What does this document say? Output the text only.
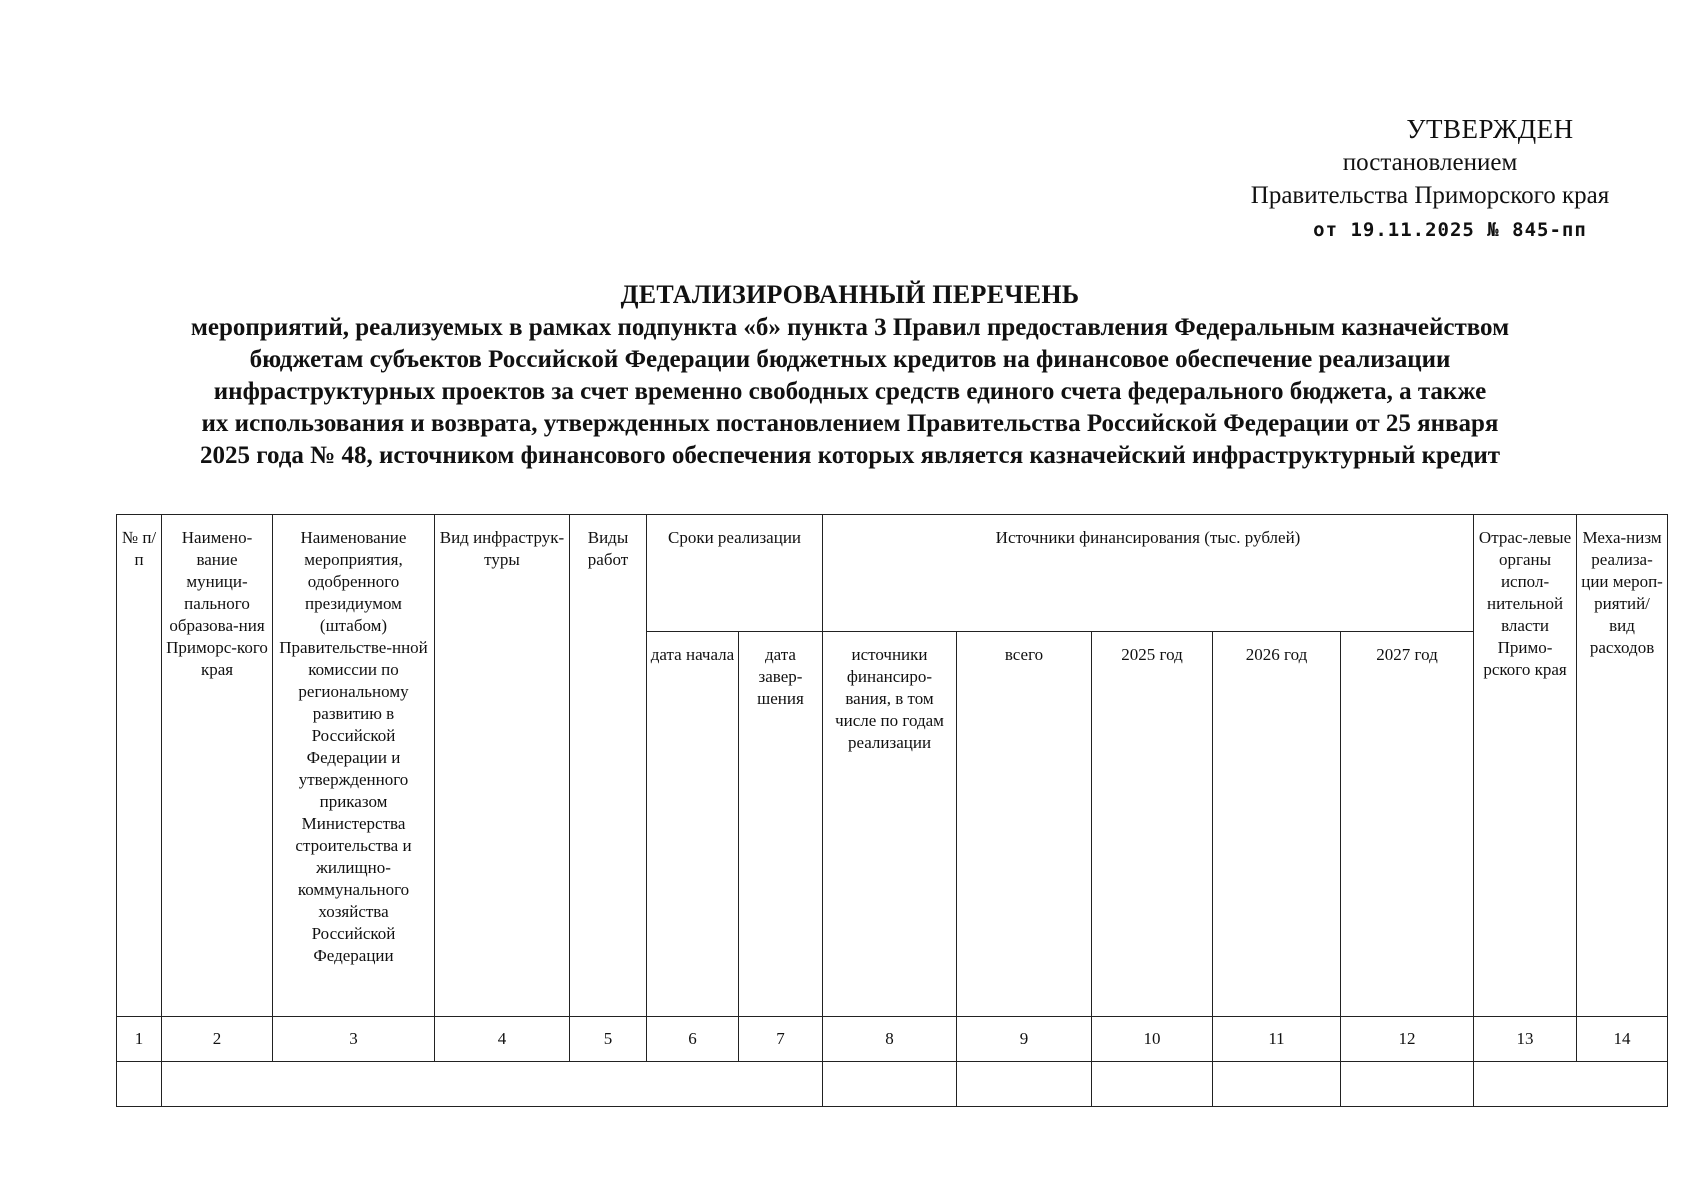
УТВЕРЖДЕН
постановлением
Правительства Приморского края
от 19.11.2025 № 845-пп
ДЕТАЛИЗИРОВАННЫЙ ПЕРЕЧЕНЬ
мероприятий, реализуемых в рамках подпункта «б» пункта 3 Правил предоставления Федеральным казначейством
бюджетам субъектов Российской Федерации бюджетных кредитов на финансовое обеспечение реализации
инфраструктурных проектов за счет временно свободных средств единого счета федерального бюджета, а также
их использования и возврата, утвержденных постановлением Правительства Российской Федерации от 25 января
2025 года № 48, источником финансового обеспечения которых является казначейский инфраструктурный кредит
№ п/п	Наимено-вание муници-пального образова-ния Приморс-кого края	Наименование мероприятия, одобренного президиумом (штабом) Правительстве-нной комиссии по региональному развитию в Российской Федерации и утвержденного приказом Министерства строительства и жилищно-коммунального хозяйства Российской Федерации	Вид инфраструк-туры	Виды работ	Сроки реализации		Источники финансирования (тыс. рублей)					Отрас-левые органы испол-нительной власти Примо-рского края	Меха-низм реализа-ции мероп-риятий/ вид расходов
					дата начала	дата завер-шения	источники финансиро-вания, в том числе по годам реализации	всего	2025 год	2026 год	2027 год		
1	2	3	4	5	6	7	8	9	10	11	12	13	14
